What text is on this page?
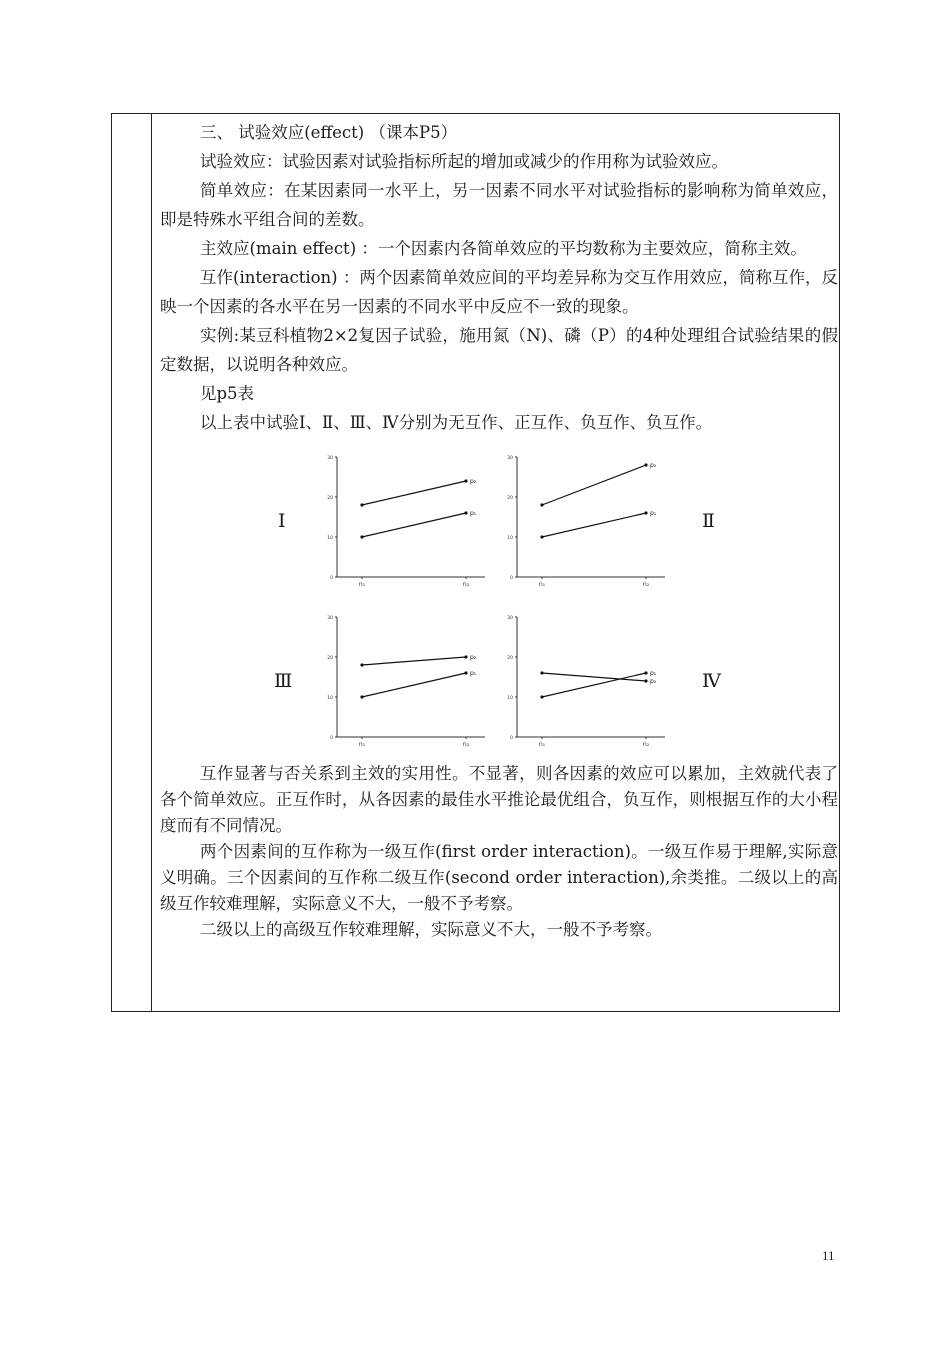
三、 试验效应(effect) （课本P5）

试验效应：试验因素对试验指标所起的增加或减少的作用称为试验效应。

简单效应：在某因素同一水平上，另一因素不同水平对试验指标的影响称为简单效应，即是特殊水平组合间的差数。

主效应(main effect) ：一个因素内各简单效应的平均数称为主要效应，简称主效。

互作(interaction) ：两个因素简单效应间的平均差异称为交互作用效应，简称互作，反映一个因素的各水平在另一因素的不同水平中反应不一致的现象。

实例:某豆科植物2×2复因子试验，施用氮（N)、磷（P）的4种处理组合试验结果的假定数据，以说明各种效应。

见p5表

以上表中试验Ⅰ、Ⅱ、Ⅲ、Ⅳ分别为无互作、正互作、负互作、负互作。

Ⅰ	Ⅱ
Ⅲ	Ⅳ
0
10
20
30
n₁	n₂
p₂
p₁
0
10
20
30
n₁	n₂
p₂
p₁
0
10
20
30
n₁	n₂
p₂
p₁
0
10
20
30
n₁	n₂
p₁
p₂

互作显著与否关系到主效的实用性。不显著，则各因素的效应可以累加，主效就代表了各个简单效应。正互作时，从各因素的最佳水平推论最优组合，负互作，则根据互作的大小程度而有不同情况。

两个因素间的互作称为一级互作(first order interaction)。一级互作易于理解,实际意义明确。三个因素间的互作称二级互作(second order interaction),余类推。二级以上的高级互作较难理解，实际意义不大，一般不予考察。

二级以上的高级互作较难理解，实际意义不大，一般不予考察。

11
